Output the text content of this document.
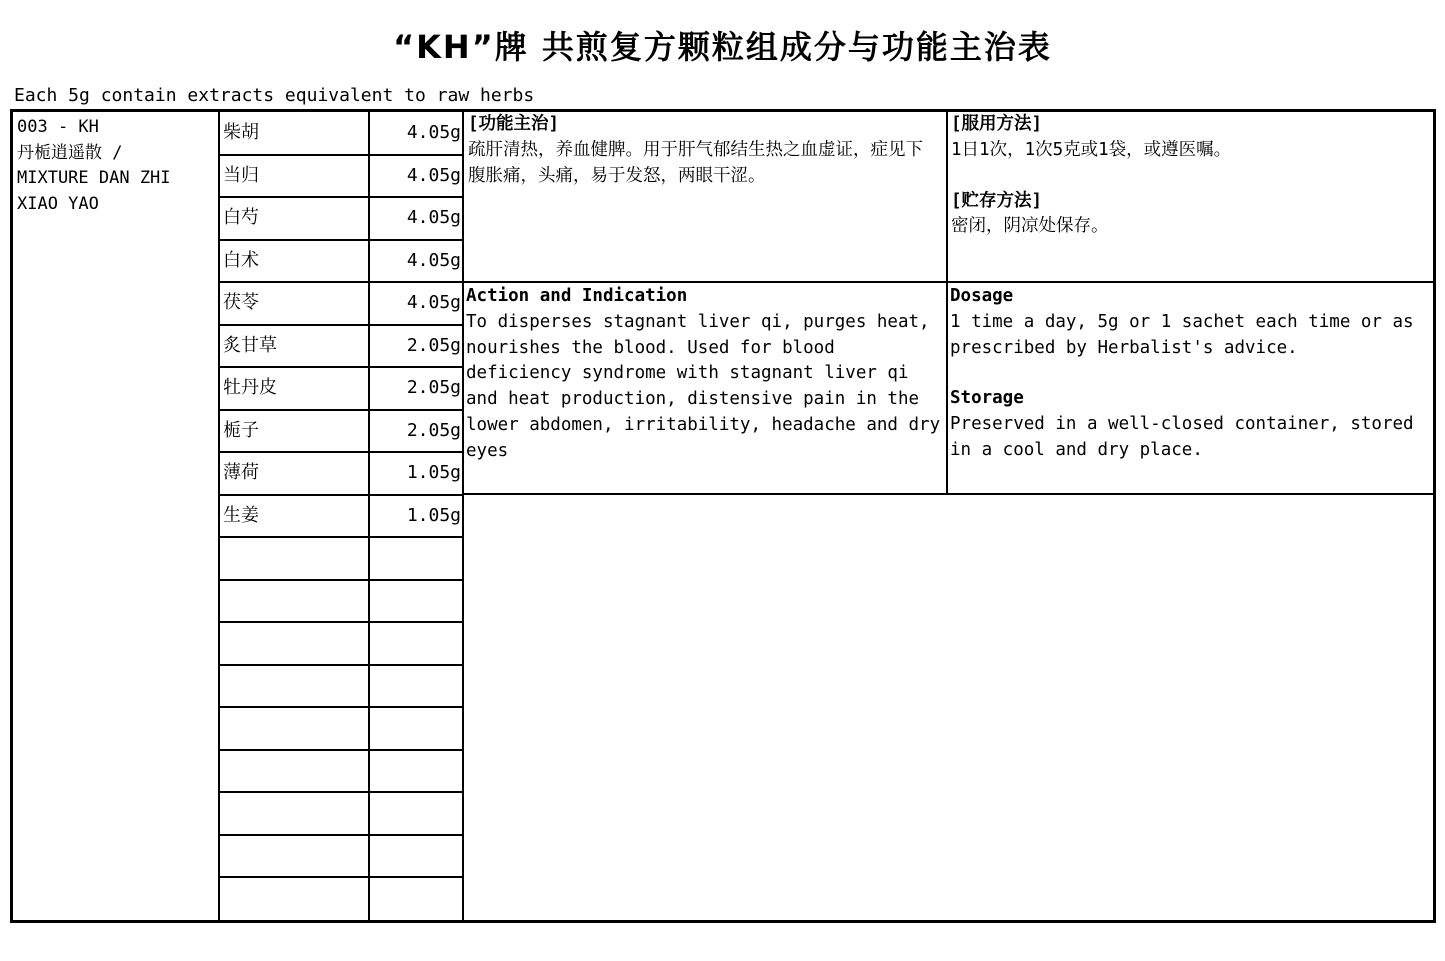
“KH”牌 共煎复方颗粒组成分与功能主治表
Each 5g contain extracts equivalent to raw herbs
003 - KH
丹栀逍遥散 /
MIXTURE DAN ZHI
XIAO YAO
柴胡	4.05g
当归	4.05g
白芍	4.05g
白术	4.05g
茯苓	4.05g
炙甘草	2.05g
牡丹皮	2.05g
栀子	2.05g
薄荷	1.05g
生姜	1.05g
[功能主治]
疏肝清热，养血健脾。用于肝气郁结生热之血虚证，症见下腹胀痛，头痛，易于发怒，两眼干涩。
[服用方法]
1日1次，1次5克或1袋，或遵医嘱。
[贮存方法]
密闭，阴凉处保存。
Action and Indication
To disperses stagnant liver qi, purges heat, nourishes the blood. Used for blood deficiency syndrome with stagnant liver qi and heat production, distensive pain in the lower abdomen, irritability, headache and dry eyes
Dosage
1 time a day, 5g or 1 sachet each time or as prescribed by Herbalist's advice.
Storage
Preserved in a well-closed container, stored in a cool and dry place.
